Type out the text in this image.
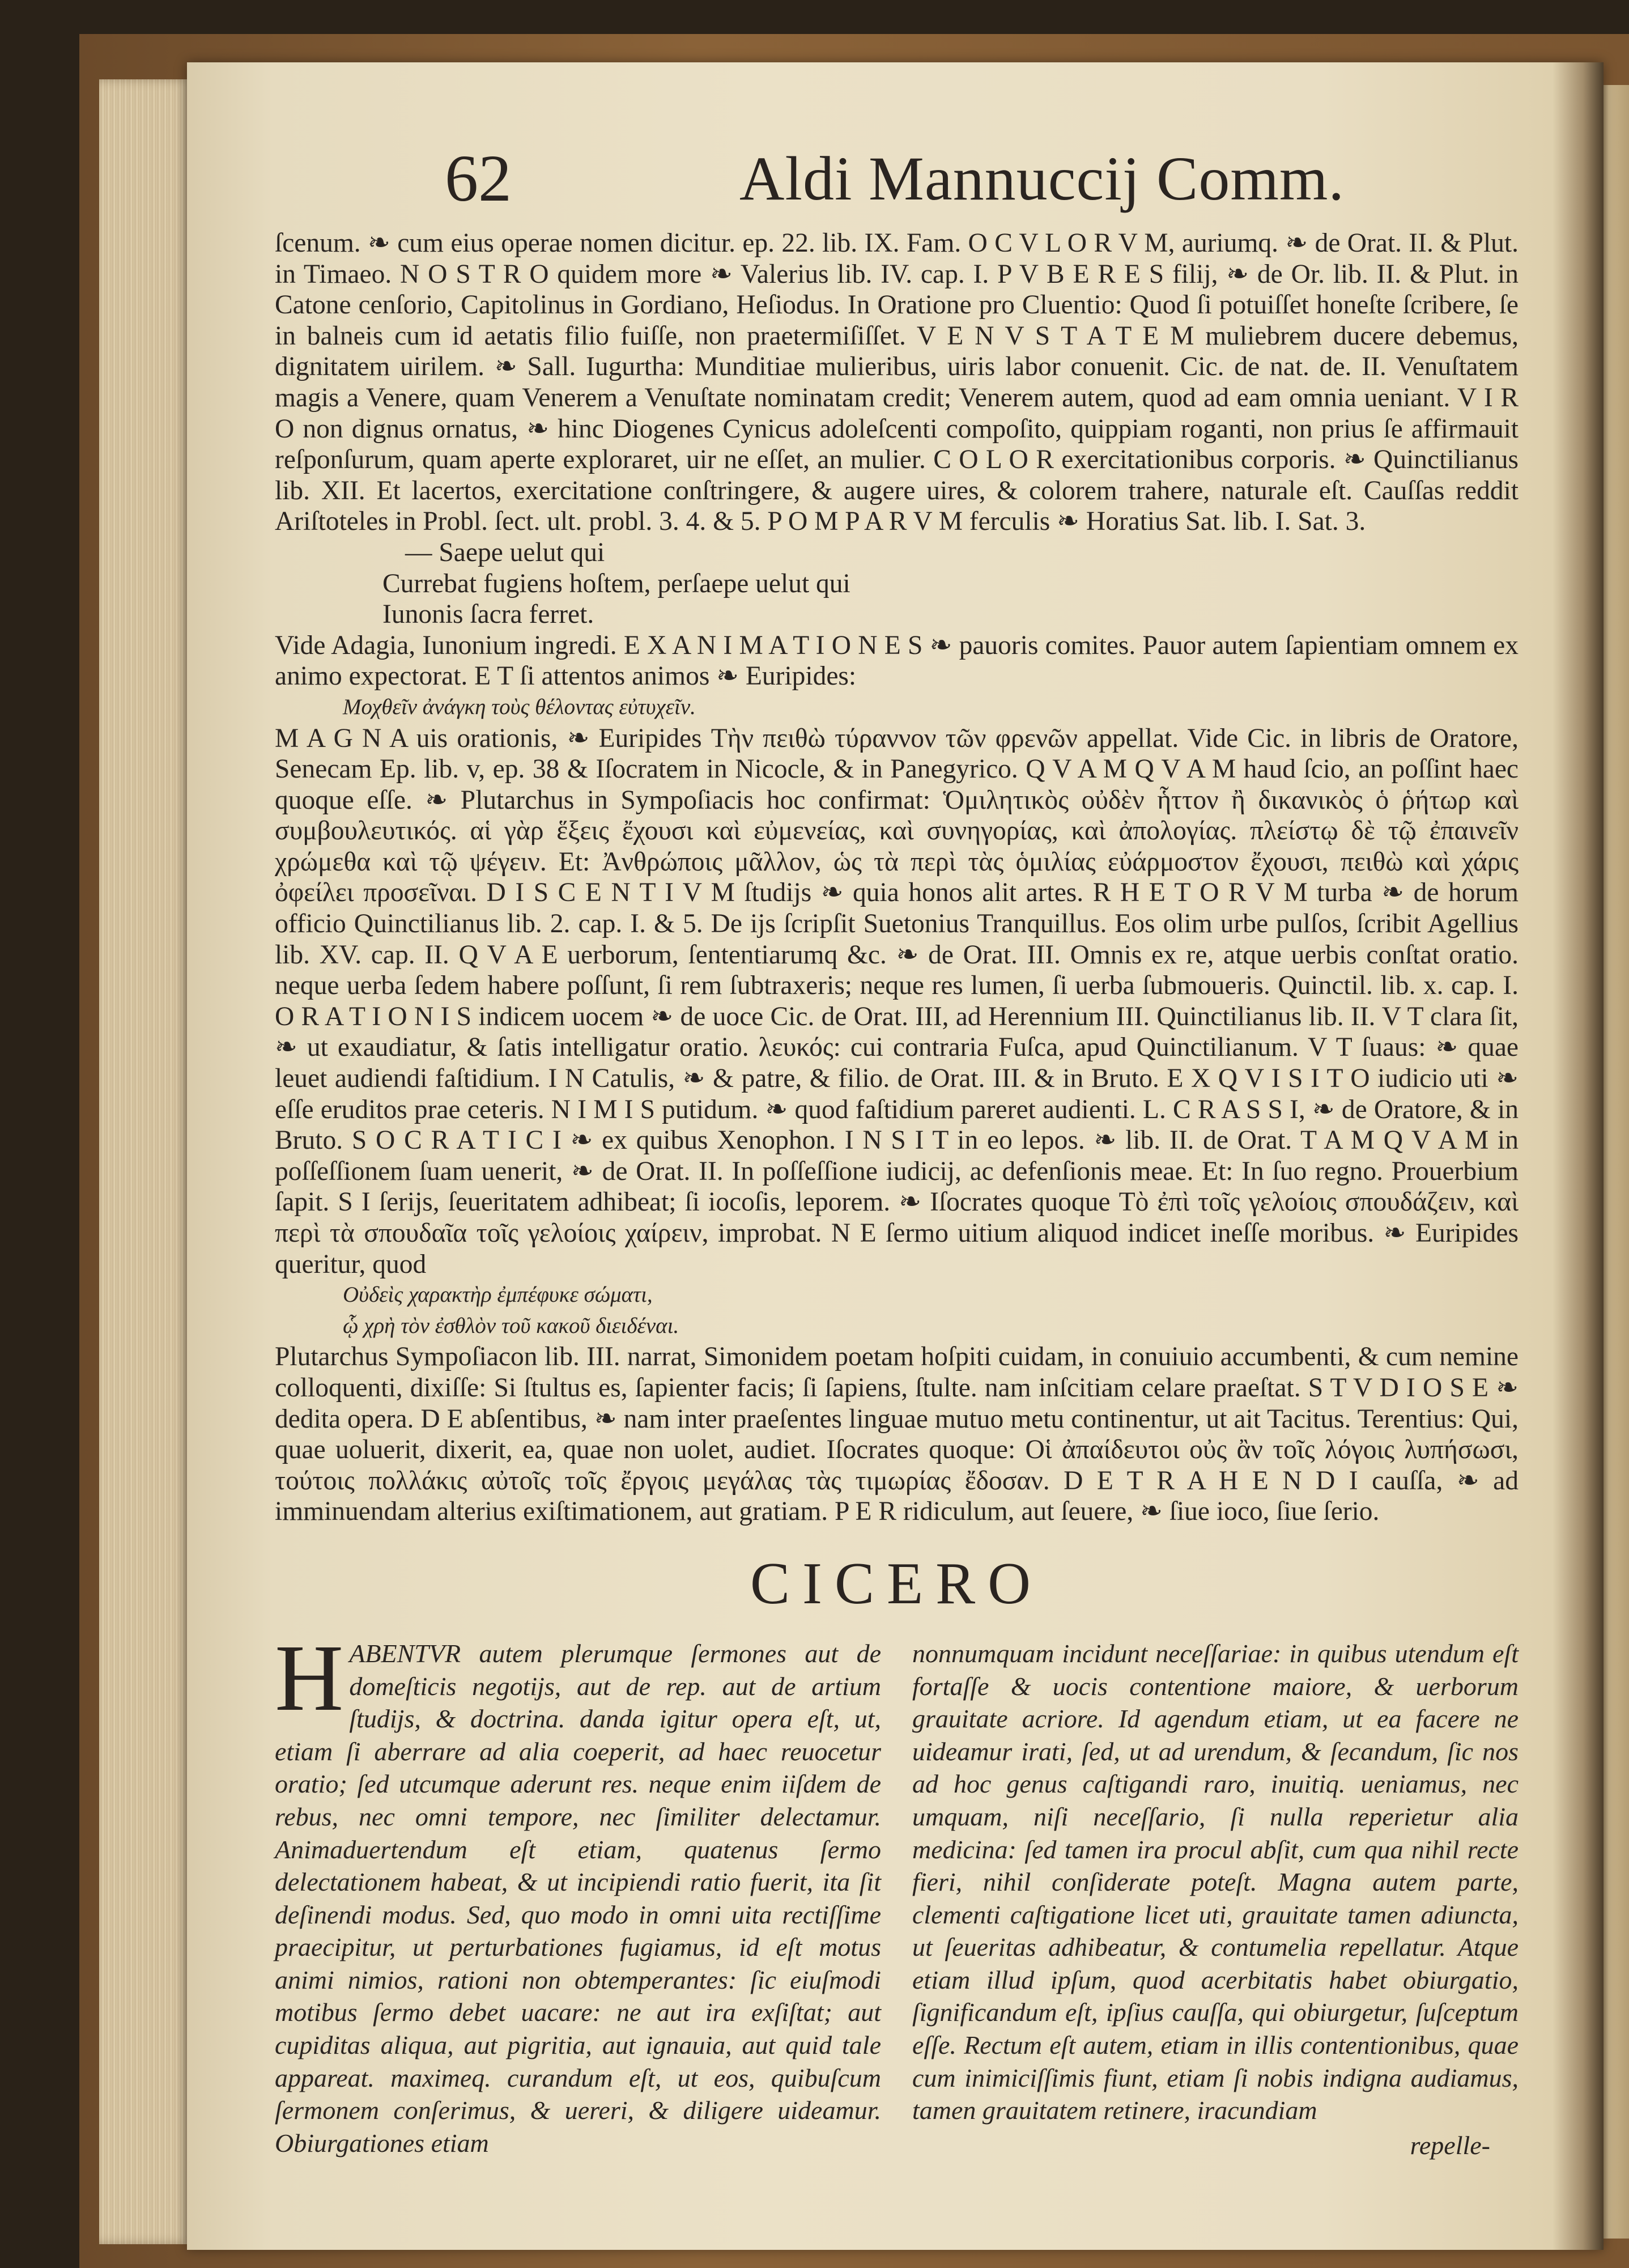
62	Aldi Mannuccij Comm.

ſcenum. ❧ cum eius operae nomen dicitur. ep. 22. lib. IX. Fam. O C V L O R V M, auriumq. ❧ de Orat. II. & Plut. in Timaeo. N O S T R O quidem more ❧ Valerius lib. IV. cap. I. P V B E R E S filij, ❧ de Or. lib. II. & Plut. in Catone cenſorio, Capitolinus in Gordiano, Heſiodus. In Oratione pro Cluentio: Quod ſi potuiſſet honeſte ſcribere, ſe in balneis cum id aetatis filio fuiſſe, non praetermiſiſſet. V E N V S T A T E M muliebrem ducere debemus, dignitatem uirilem. ❧ Sall. Iugurtha: Munditiae mulieribus, uiris labor conuenit. Cic. de nat. de. II. Venuſtatem magis a Venere, quam Venerem a Venuſtate nominatam credit; Venerem autem, quod ad eam omnia ueniant. V I R O non dignus ornatus, ❧ hinc Diogenes Cynicus adoleſcenti compoſito, quippiam roganti, non prius ſe affirmauit reſponſurum, quam aperte exploraret, uir ne eſſet, an mulier. C O L O R exercitationibus corporis. ❧ Quinctilianus lib. XII. Et lacertos, exercitatione conſtringere, & augere uires, & colorem trahere, naturale eſt. Cauſſas reddit Ariſtoteles in Probl. ſect. ult. probl. 3. 4. & 5. P O M P A R V M ferculis ❧ Horatius Sat. lib. I. Sat. 3.

— Saepe uelut qui

Currebat fugiens hoſtem, perſaepe uelut qui

Iunonis ſacra ferret.

Vide Adagia, Iunonium ingredi. E X A N I M A T I O N E S ❧ pauoris comites. Pauor autem ſapientiam omnem ex animo expectorat. E T ſi attentos animos ❧ Euripides:

Μοχθεῖν ἀνάγκη τοὺς θέλοντας εὐτυχεῖν.

M A G N A uis orationis, ❧ Euripides Τὴν πειθὼ τύραννον τῶν φρενῶν appellat. Vide Cic. in libris de Oratore, Senecam Ep. lib. v, ep. 38 & Iſocratem in Nicocle, & in Panegyrico. Q V A M Q V A M haud ſcio, an poſſint haec quoque eſſe. ❧ Plutarchus in Sympoſiacis hoc confirmat: Ὁμιλητικὸς οὐδὲν ἧττον ἢ δικανικὸς ὁ ῥήτωρ καὶ συμβουλευτικός. αἱ γὰρ ἕξεις ἔχουσι καὶ εὐμενείας, καὶ συνηγορίας, καὶ ἀπολογίας. πλείστῳ δὲ τῷ ἐπαινεῖν χρώμεθα καὶ τῷ ψέγειν. Et: Ἀνθρώποις μᾶλλον, ὡς τὰ περὶ τὰς ὁμιλίας εὐάρμοστον ἔχουσι, πειθὼ καὶ χάρις ὀφείλει προσεῖναι. D I S C E N T I V M ſtudijs ❧ quia honos alit artes. R H E T O R V M turba ❧ de horum officio Quinctilianus lib. 2. cap. I. & 5. De ijs ſcripſit Suetonius Tranquillus. Eos olim urbe pulſos, ſcribit Agellius lib. XV. cap. II. Q V A E uerborum, ſententiarumq &c. ❧ de Orat. III. Omnis ex re, atque uerbis conſtat oratio. neque uerba ſedem habere poſſunt, ſi rem ſubtraxeris; neque res lumen, ſi uerba ſubmoueris. Quinctil. lib. x. cap. I. O R A T I O N I S indicem uocem ❧ de uoce Cic. de Orat. III, ad Herennium III. Quinctilianus lib. II. V T clara ſit, ❧ ut exaudiatur, & ſatis intelligatur oratio. λευκός: cui contraria Fuſca, apud Quinctilianum. V T ſuaus: ❧ quae leuet audiendi faſtidium. I N Catulis, ❧ & patre, & filio. de Orat. III. & in Bruto. E X Q V I S I T O iudicio uti ❧ eſſe eruditos prae ceteris. N I M I S putidum. ❧ quod faſtidium pareret audienti. L. C R A S S I, ❧ de Oratore, & in Bruto. S O C R A T I C I ❧ ex quibus Xenophon. I N S I T in eo lepos. ❧ lib. II. de Orat. T A M Q V A M in poſſeſſionem ſuam uenerit, ❧ de Orat. II. In poſſeſſione iudicij, ac defenſionis meae. Et: In ſuo regno. Prouerbium ſapit. S I ſerijs, ſeueritatem adhibeat; ſi iocoſis, leporem. ❧ Iſocrates quoque Τὸ ἐπὶ τοῖς γελοίοις σπουδάζειν, καὶ περὶ τὰ σπουδαῖα τοῖς γελοίοις χαίρειν, improbat. N E ſermo uitium aliquod indicet ineſſe moribus. ❧ Euripides queritur, quod

Οὐδεὶς χαρακτὴρ ἐμπέφυκε σώματι,

ᾧ χρὴ τὸν ἐσθλὸν τοῦ κακοῦ διειδέναι.

Plutarchus Sympoſiacon lib. III. narrat, Simonidem poetam hoſpiti cuidam, in conuiuio accumbenti, & cum nemine colloquenti, dixiſſe: Si ſtultus es, ſapienter facis; ſi ſapiens, ſtulte. nam inſcitiam celare praeſtat. S T V D I O S E ❧ dedita opera. D E abſentibus, ❧ nam inter praeſentes linguae mutuo metu continentur, ut ait Tacitus. Terentius: Qui, quae uoluerit, dixerit, ea, quae non uolet, audiet. Iſocrates quoque: Οἱ ἀπαίδευτοι οὐς ἂν τοῖς λόγοις λυπήσωσι, τούτοις πολλάκις αὐτοῖς τοῖς ἔργοις μεγάλας τὰς τιμωρίας ἔδοσαν. D E T R A H E N D I cauſſa, ❧ ad imminuendam alterius exiſtimationem, aut gratiam. P E R ridiculum, aut ſeuere, ❧ ſiue ioco, ſiue ſerio.

CICERO
H ABENTVR autem plerumque ſermones aut de domeſticis negotijs, aut de rep. aut de artium ſtudijs, & doctrina. danda igitur opera eſt, ut, etiam ſi aberrare ad alia coeperit, ad haec reuocetur oratio; ſed utcumque aderunt res. neque enim iiſdem de rebus, nec omni tempore, nec ſimiliter delectamur. Animaduertendum eſt etiam, quatenus ſermo delectationem habeat, & ut incipiendi ratio fuerit, ita ſit deſinendi modus. Sed, quo modo in omni uita rectiſſime praecipitur, ut perturbationes fugiamus, id eſt motus animi nimios, rationi non obtemperantes: ſic eiuſmodi motibus ſermo debet uacare: ne aut ira exſiſtat; aut cupiditas aliqua, aut pigritia, aut ignauia, aut quid tale appareat. maximeq. curandum eſt, ut eos, quibuſcum ſermonem conſerimus, & uereri, & diligere uideamur. Obiurgationes etiam

nonnumquam incidunt neceſſariae: in quibus utendum eſt fortaſſe & uocis contentione maiore, & uerborum grauitate acriore. Id agendum etiam, ut ea facere ne uideamur irati, ſed, ut ad urendum, & ſecandum, ſic nos ad hoc genus caſtigandi raro, inuitiq. ueniamus, nec umquam, niſi neceſſario, ſi nulla reperietur alia medicina: ſed tamen ira procul abſit, cum qua nihil recte fieri, nihil conſiderate poteſt. Magna autem parte, clementi caſtigatione licet uti, grauitate tamen adiuncta, ut ſeueritas adhibeatur, & contumelia repellatur. Atque etiam illud ipſum, quod acerbitatis habet obiurgatio, ſignificandum eſt, ipſius cauſſa, qui obiurgetur, ſuſceptum eſſe. Rectum eſt autem, etiam in illis contentionibus, quae cum inimiciſſimis fiunt, etiam ſi nobis indigna audiamus, tamen grauitatem retinere, iracundiam

repelle-
